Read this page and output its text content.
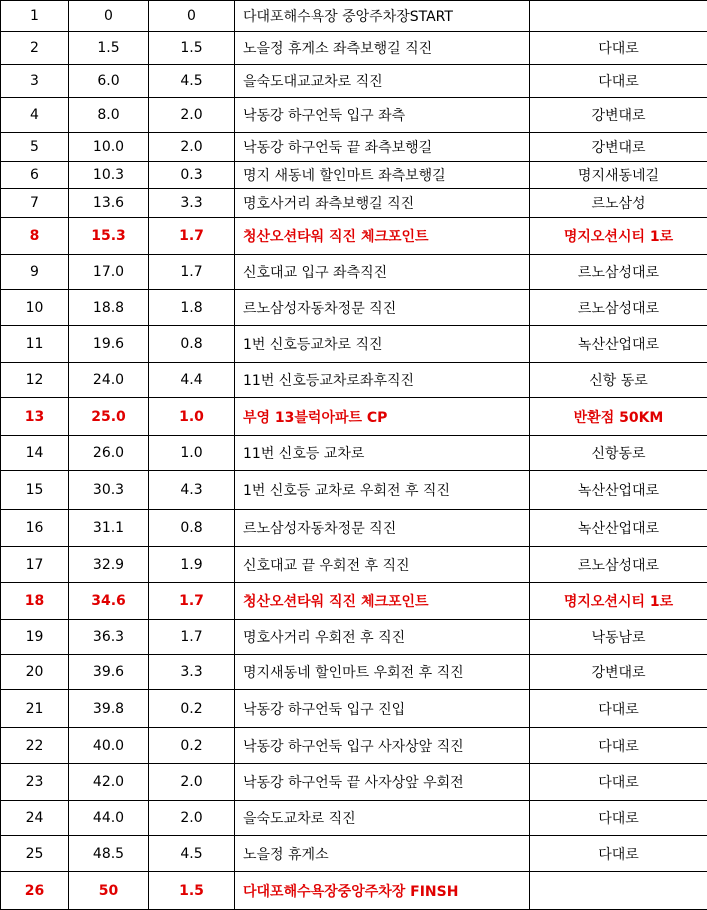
1	0	0	다대포해수욕장 중앙주차장START	
2	1.5	1.5	노을정 휴게소 좌측보행길 직진	다대로
3	6.0	4.5	을숙도대교교차로 직진	다대로
4	8.0	2.0	낙동강 하구언둑 입구 좌측	강변대로
5	10.0	2.0	낙동강 하구언둑 끝 좌측보행길	강변대로
6	10.3	0.3	명지 새동네 할인마트 좌측보행길	명지새동네길
7	13.6	3.3	명호사거리 좌측보행길 직진	르노삼성
8	15.3	1.7	청산오션타워 직진 체크포인트	명지오션시티 1로
9	17.0	1.7	신호대교 입구 좌측직진	르노삼성대로
10	18.8	1.8	르노삼성자동차정문 직진	르노삼성대로
11	19.6	0.8	1번 신호등교차로 직진	녹산산업대로
12	24.0	4.4	11번 신호등교차로좌후직진	신항 동로
13	25.0	1.0	부영 13블럭아파트 CP	반환점 50KM
14	26.0	1.0	11번 신호등 교차로	신항동로
15	30.3	4.3	1번 신호등 교차로 우회전 후 직진	녹산산업대로
16	31.1	0.8	르노삼성자동차정문 직진	녹산산업대로
17	32.9	1.9	신호대교 끝 우회전 후 직진	르노삼성대로
18	34.6	1.7	청산오션타워 직진 체크포인트	명지오션시티 1로
19	36.3	1.7	명호사거리 우회전 후 직진	낙동남로
20	39.6	3.3	명지새동네 할인마트 우회전 후 직진	강변대로
21	39.8	0.2	낙동강 하구언둑 입구 진입	다대로
22	40.0	0.2	낙동강 하구언둑 입구 사자상앞 직진	다대로
23	42.0	2.0	낙동강 하구언둑 끝 사자상앞 우회전	다대로
24	44.0	2.0	을숙도교차로 직진	다대로
25	48.5	4.5	노을정 휴게소	다대로
26	50	1.5	다대포해수욕장중앙주차장 FINSH	
